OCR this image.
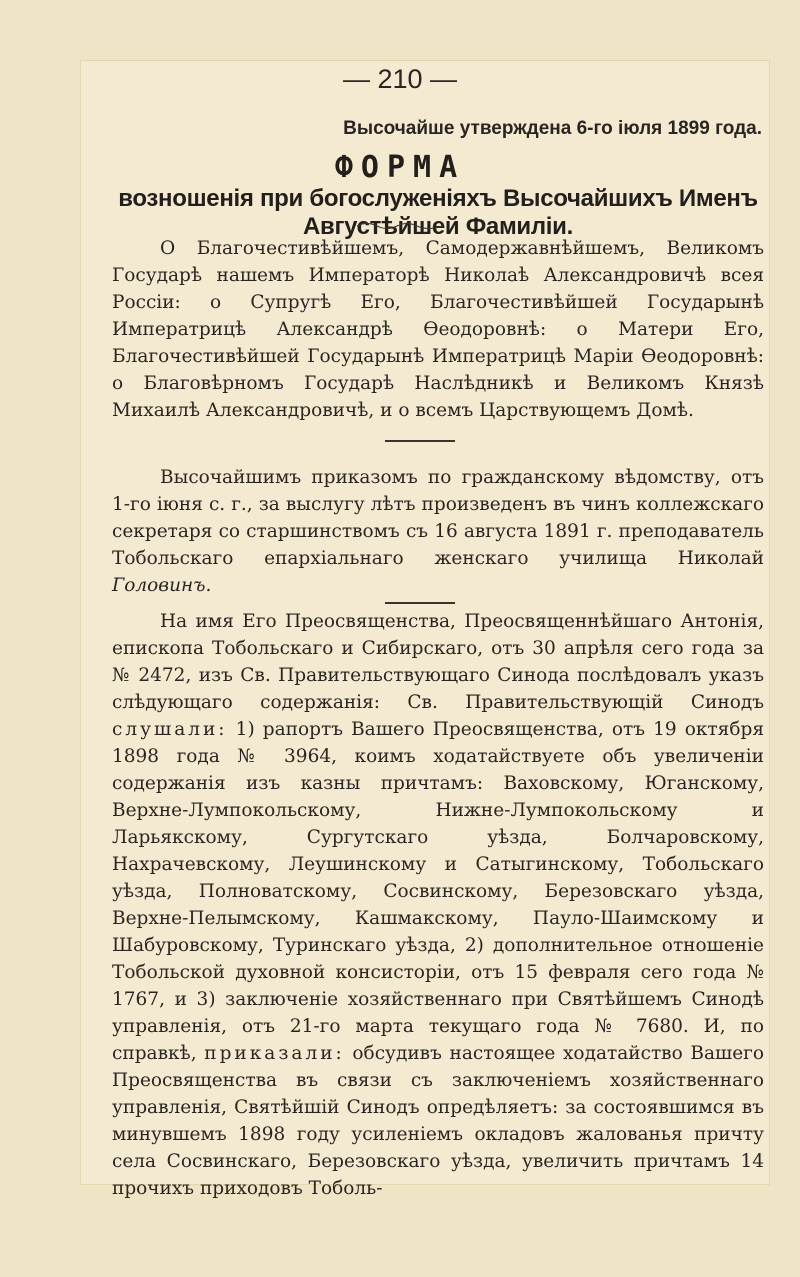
— 210 —
Высочайше утверждена 6-го іюля 1899 года.
ФОРМА
возношенія при богослуженіяхъ Высочайшихъ Именъ Августѣйшей Фамиліи.

О Благочестивѣйшемъ, Самодержавнѣйшемъ, Великомъ Государѣ нашемъ Императорѣ Николаѣ Александровичѣ всея Россіи: о Супругѣ Его, Благочестивѣйшей Государынѣ Императрицѣ Александрѣ Ѳеодоровнѣ: о Матери Его, Благочестивѣйшей Государынѣ Императрицѣ Маріи Ѳеодоровнѣ: о Благовѣрномъ Государѣ Наслѣдникѣ и Великомъ Князѣ Михаилѣ Александровичѣ, и о всемъ Царствующемъ Домѣ.

Высочайшимъ приказомъ по гражданскому вѣдомству, отъ 1-го іюня с. г., за выслугу лѣтъ произведенъ въ чинъ коллежскаго секретаря со старшинствомъ съ 16 августа 1891 г. преподаватель Тобольскаго епархіальнаго женскаго училища Николай Головинъ.

На имя Его Преосвященства, Преосвященнѣйшаго Антонія, епископа Тобольскаго и Сибирскаго, отъ 30 апрѣля сего года за № 2472, изъ Св. Правительствующаго Синода послѣдовалъ указъ слѣдующаго содержанія: Св. Правительствующій Синодъ слушали: 1) рапортъ Вашего Преосвященства, отъ 19 октября 1898 года № 3964, коимъ ходатайствуете объ увеличеніи содержанія изъ казны причтамъ: Ваховскому, Юганскому, Верхне-Лумпокольскому, Нижне-Лумпокольскому и Ларьякскому, Сургутскаго уѣзда, Болчаровскому, Нахрачевскому, Леушинскому и Сатыгинскому, Тобольскаго уѣзда, Полноватскому, Сосвинскому, Березовскаго уѣзда, Верхне-Пелымскому, Кашмакскому, Пауло-Шаимскому и Шабуровскому, Туринскаго уѣзда, 2) дополнительное отношеніе Тобольской духовной консисторіи, отъ 15 февраля сего года № 1767, и 3) заключеніе хозяйственнаго при Святѣйшемъ Синодѣ управленія, отъ 21-го марта текущаго года № 7680. И, по справкѣ, приказали: обсудивъ настоящее ходатайство Вашего Преосвященства въ связи съ заключеніемъ хозяйственнаго управленія, Святѣйшій Синодъ опредѣляетъ: за состоявшимся въ минувшемъ 1898 году усиленіемъ окладовъ жалованья причту села Сосвинскаго, Березовскаго уѣзда, увеличить причтамъ 14 прочихъ приходовъ Тоболь-
